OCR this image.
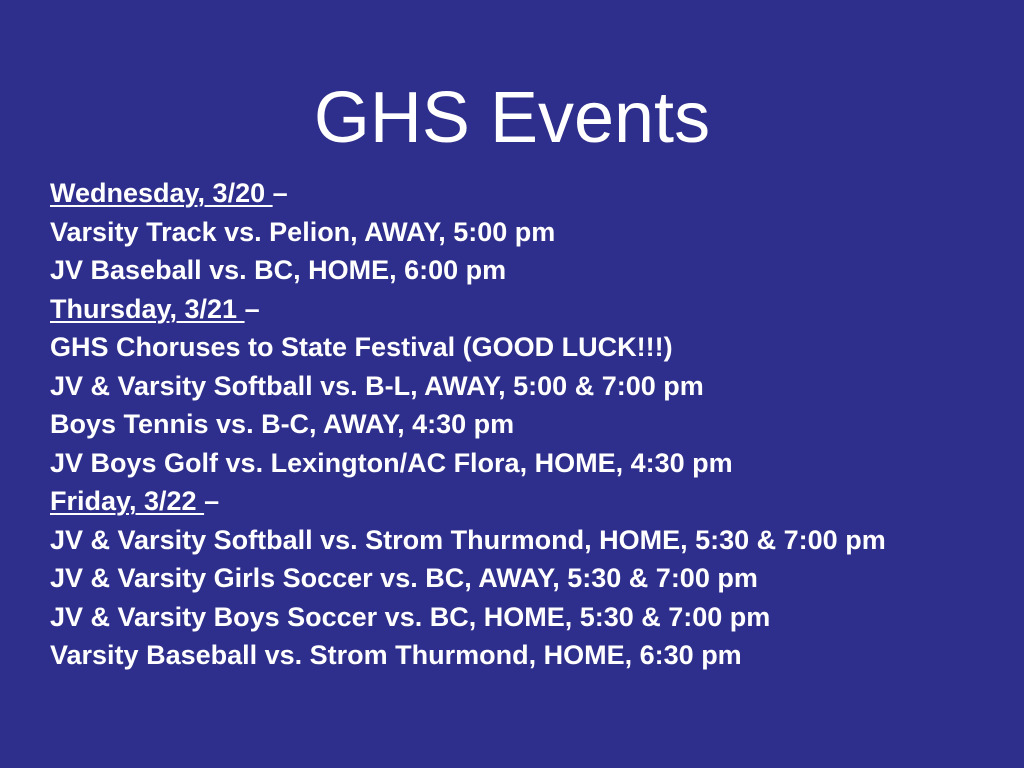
GHS Events
Wednesday, 3/20 –
Varsity Track vs. Pelion, AWAY, 5:00 pm
JV Baseball vs. BC, HOME, 6:00 pm
Thursday, 3/21 –
GHS Choruses to State Festival (GOOD LUCK!!!)
JV & Varsity Softball vs. B-L, AWAY, 5:00 & 7:00 pm
Boys Tennis vs. B-C, AWAY, 4:30 pm
JV Boys Golf vs. Lexington/AC Flora, HOME, 4:30 pm
Friday, 3/22 –
JV & Varsity Softball vs. Strom Thurmond, HOME, 5:30 & 7:00 pm
JV & Varsity Girls Soccer vs. BC, AWAY, 5:30 & 7:00 pm
JV & Varsity Boys Soccer vs. BC, HOME, 5:30 & 7:00 pm
Varsity Baseball vs. Strom Thurmond, HOME, 6:30 pm
